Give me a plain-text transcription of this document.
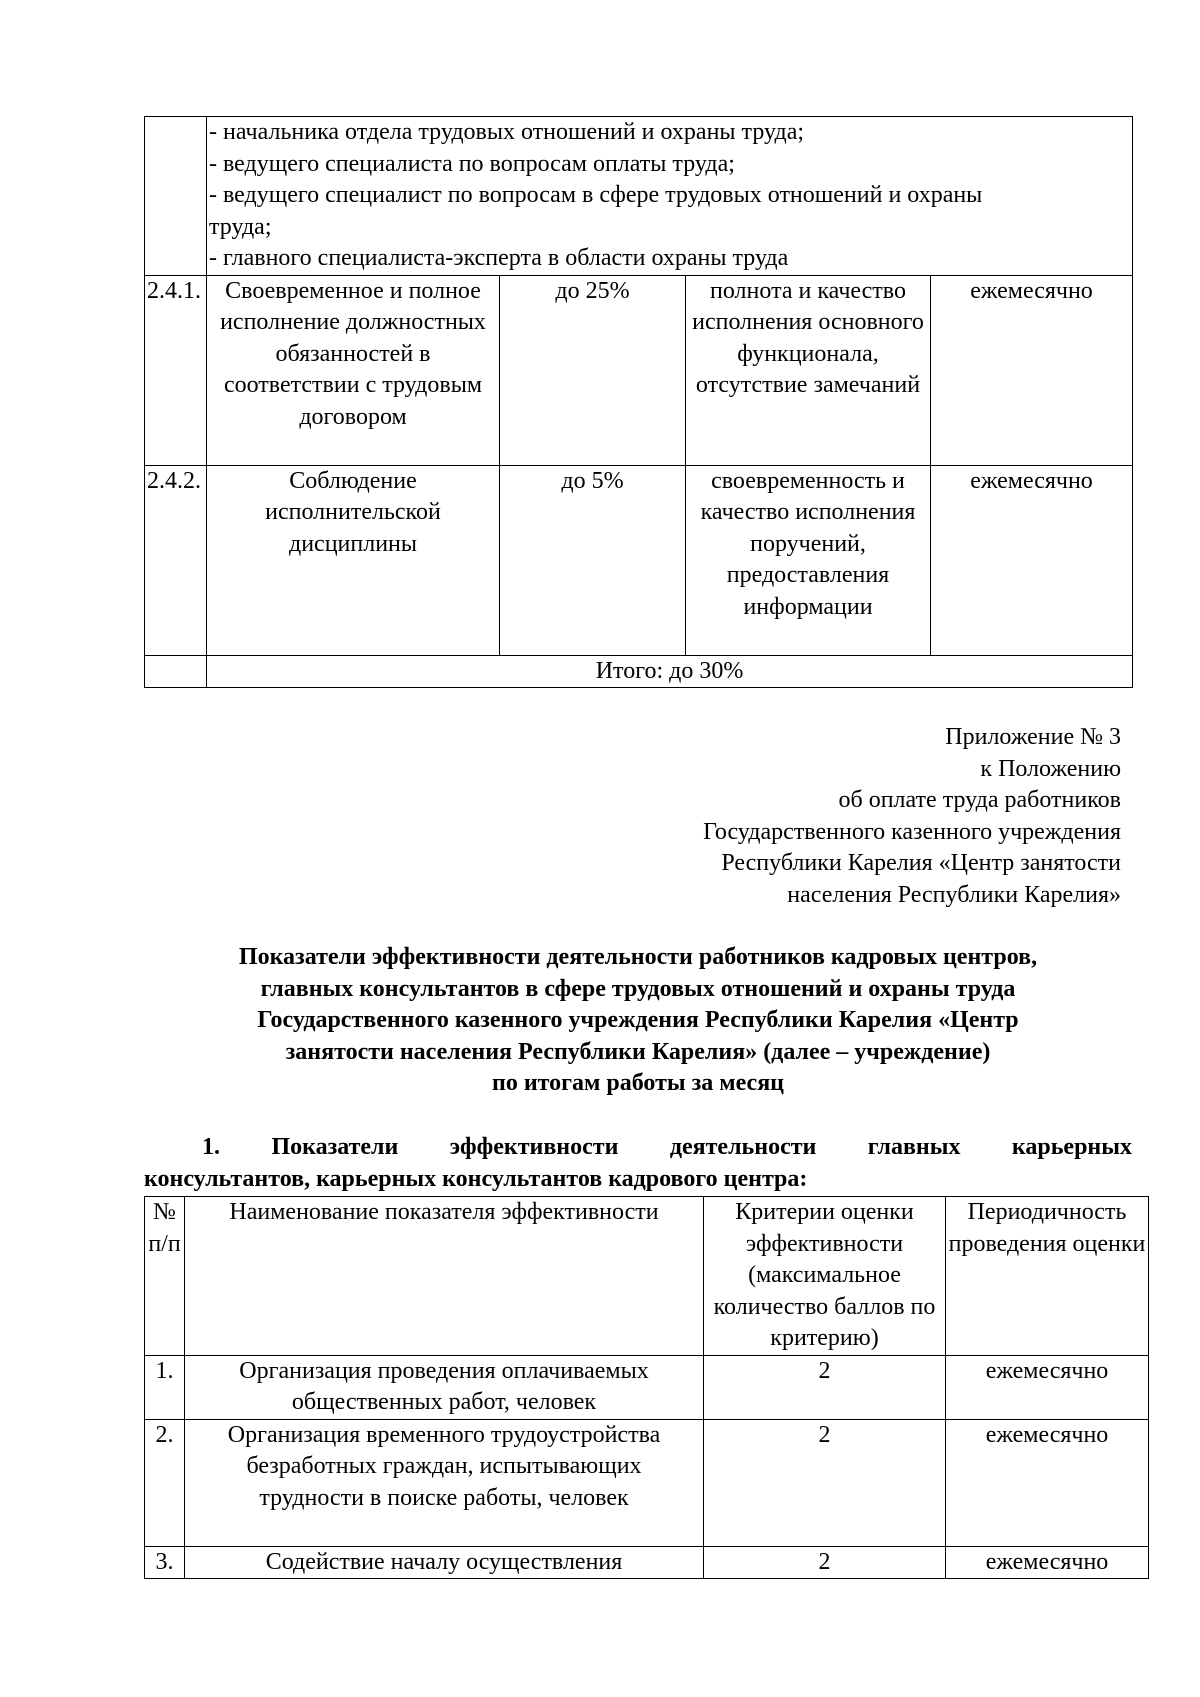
	- начальника отдела трудовых отношений и охраны труда;
- ведущего специалиста по вопросам оплаты труда;
- ведущего специалист по вопросам в сфере трудовых отношений и охраны
труда;
- главного специалиста-эксперта в области охраны труда			

2.4.1.	Своевременное и полное исполнение должностных обязанностей в соответствии с трудовым договором	до 25%	полнота и качество исполнения основного функционала, отсутствие замечаний	ежемесячно
2.4.2.	Соблюдение исполнительской дисциплины	до 5%	своевременность и качество исполнения поручений, предоставления информации	ежемесячно
	Итого: до 30%			
Приложение № 3
к Положению
об оплате труда работников
Государственного казенного учреждения
Республики Карелия «Центр занятости
населения Республики Карелия»
Показатели эффективности деятельности работников кадровых центров,
главных консультантов в сфере трудовых отношений и охраны труда
Государственного казенного учреждения Республики Карелия «Центр
занятости населения Республики Карелия» (далее – учреждение)
по итогам работы за месяц
1. Показатели эффективности деятельности главных карьерных
консультантов, карьерных консультантов кадрового центра:
№ п/п	Наименование показателя эффективности	Критерии оценки эффективности (максимальное количество баллов по критерию)	Периодичность проведения оценки
1.	Организация проведения оплачиваемых общественных работ, человек	2	ежемесячно
2.	Организация временного трудоустройства безработных граждан, испытывающих трудности в поиске работы, человек	2	ежемесячно
3.	Содействие началу осуществления	2	ежемесячно
